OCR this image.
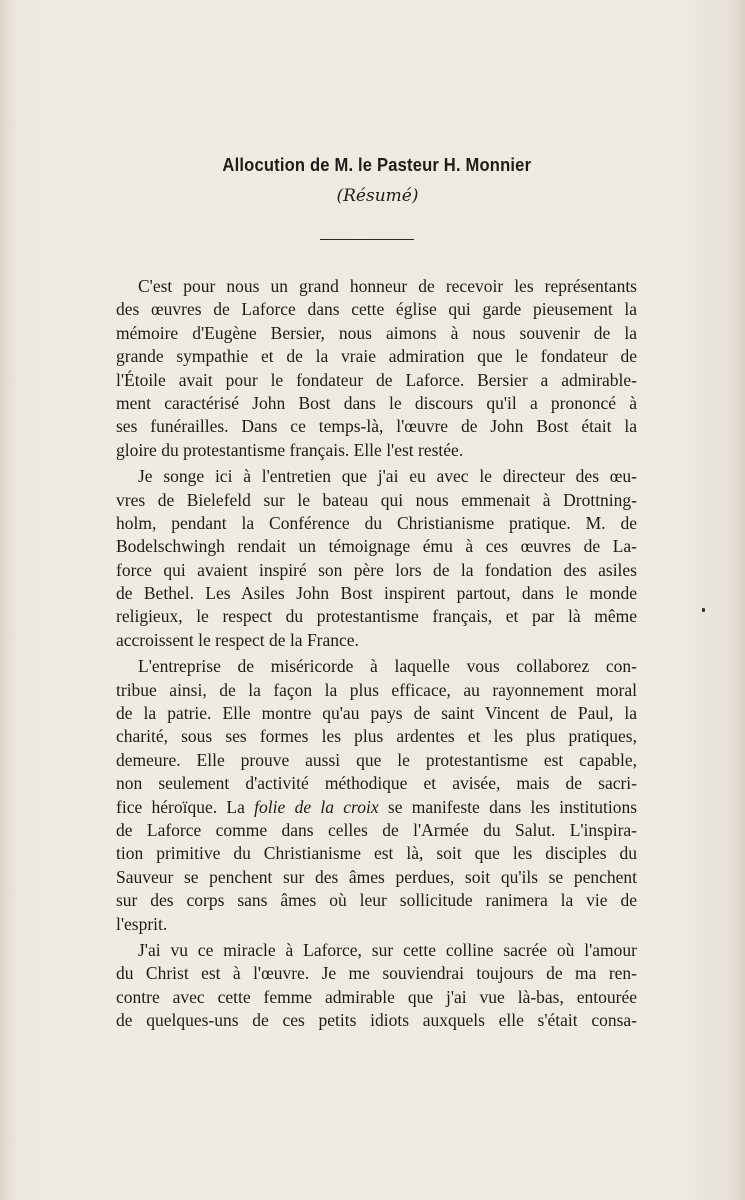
Allocution de M. le Pasteur H. Monnier
(Résumé)
C'est pour nous un grand honneur de recevoir les représentants
des œuvres de Laforce dans cette église qui garde pieusement la
mémoire d'Eugène Bersier, nous aimons à nous souvenir de la
grande sympathie et de la vraie admiration que le fondateur de
l'Étoile avait pour le fondateur de Laforce. Bersier a admirable-
ment caractérisé John Bost dans le discours qu'il a prononcé à
ses funérailles. Dans ce temps-là, l'œuvre de John Bost était la
gloire du protestantisme français. Elle l'est restée.
Je songe ici à l'entretien que j'ai eu avec le directeur des œu-
vres de Bielefeld sur le bateau qui nous emmenait à Drottning-
holm, pendant la Conférence du Christianisme pratique. M. de
Bodelschwingh rendait un témoignage ému à ces œuvres de La-
force qui avaient inspiré son père lors de la fondation des asiles
de Bethel. Les Asiles John Bost inspirent partout, dans le monde
religieux, le respect du protestantisme français, et par là même
accroissent le respect de la France.
L'entreprise de miséricorde à laquelle vous collaborez con-
tribue ainsi, de la façon la plus efficace, au rayonnement moral
de la patrie. Elle montre qu'au pays de saint Vincent de Paul, la
charité, sous ses formes les plus ardentes et les plus pratiques,
demeure. Elle prouve aussi que le protestantisme est capable,
non seulement d'activité méthodique et avisée, mais de sacri-
fice héroïque. La folie de la croix se manifeste dans les institutions
de Laforce comme dans celles de l'Armée du Salut. L'inspira-
tion primitive du Christianisme est là, soit que les disciples du
Sauveur se penchent sur des âmes perdues, soit qu'ils se penchent
sur des corps sans âmes où leur sollicitude ranimera la vie de
l'esprit.
J'ai vu ce miracle à Laforce, sur cette colline sacrée où l'amour
du Christ est à l'œuvre. Je me souviendrai toujours de ma ren-
contre avec cette femme admirable que j'ai vue là-bas, entourée
de quelques-uns de ces petits idiots auxquels elle s'était consa-
